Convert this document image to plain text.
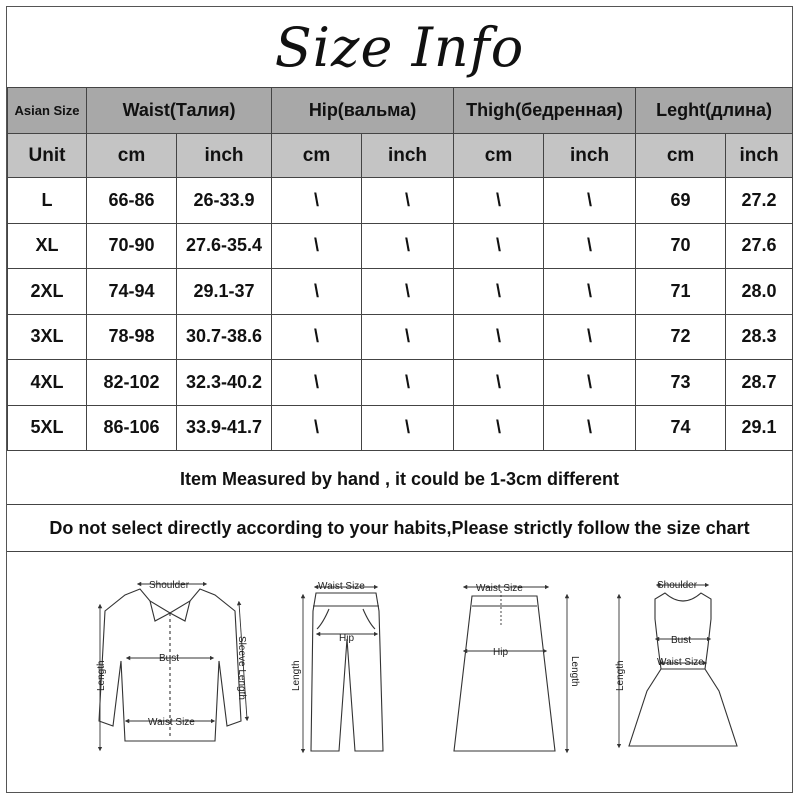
Size Info
Asian Size	Waist(Талия)		Hip(вальма)		Thigh(бедренная)		Leght(длина)	
Unit	cm	inch	cm	inch	cm	inch	cm	inch
L	66-86	26-33.9	\	\	\	\	69	27.2
XL	70-90	27.6-35.4	\	\	\	\	70	27.6
2XL	74-94	29.1-37	\	\	\	\	71	28.0
3XL	78-98	30.7-38.6	\	\	\	\	72	28.3
4XL	82-102	32.3-40.2	\	\	\	\	73	28.7
5XL	86-106	33.9-41.7	\	\	\	\	74	29.1
Item Measured by hand , it could be 1-3cm different
Do not select directly according to your habits,Please strictly follow the size chart
Shoulder
Bust
Waist Size
Length	Sleeve Length
Waist Size
Hip
Length
Waist Size
Hip
Length
Shoulder
Bust
Waist Size
Length
